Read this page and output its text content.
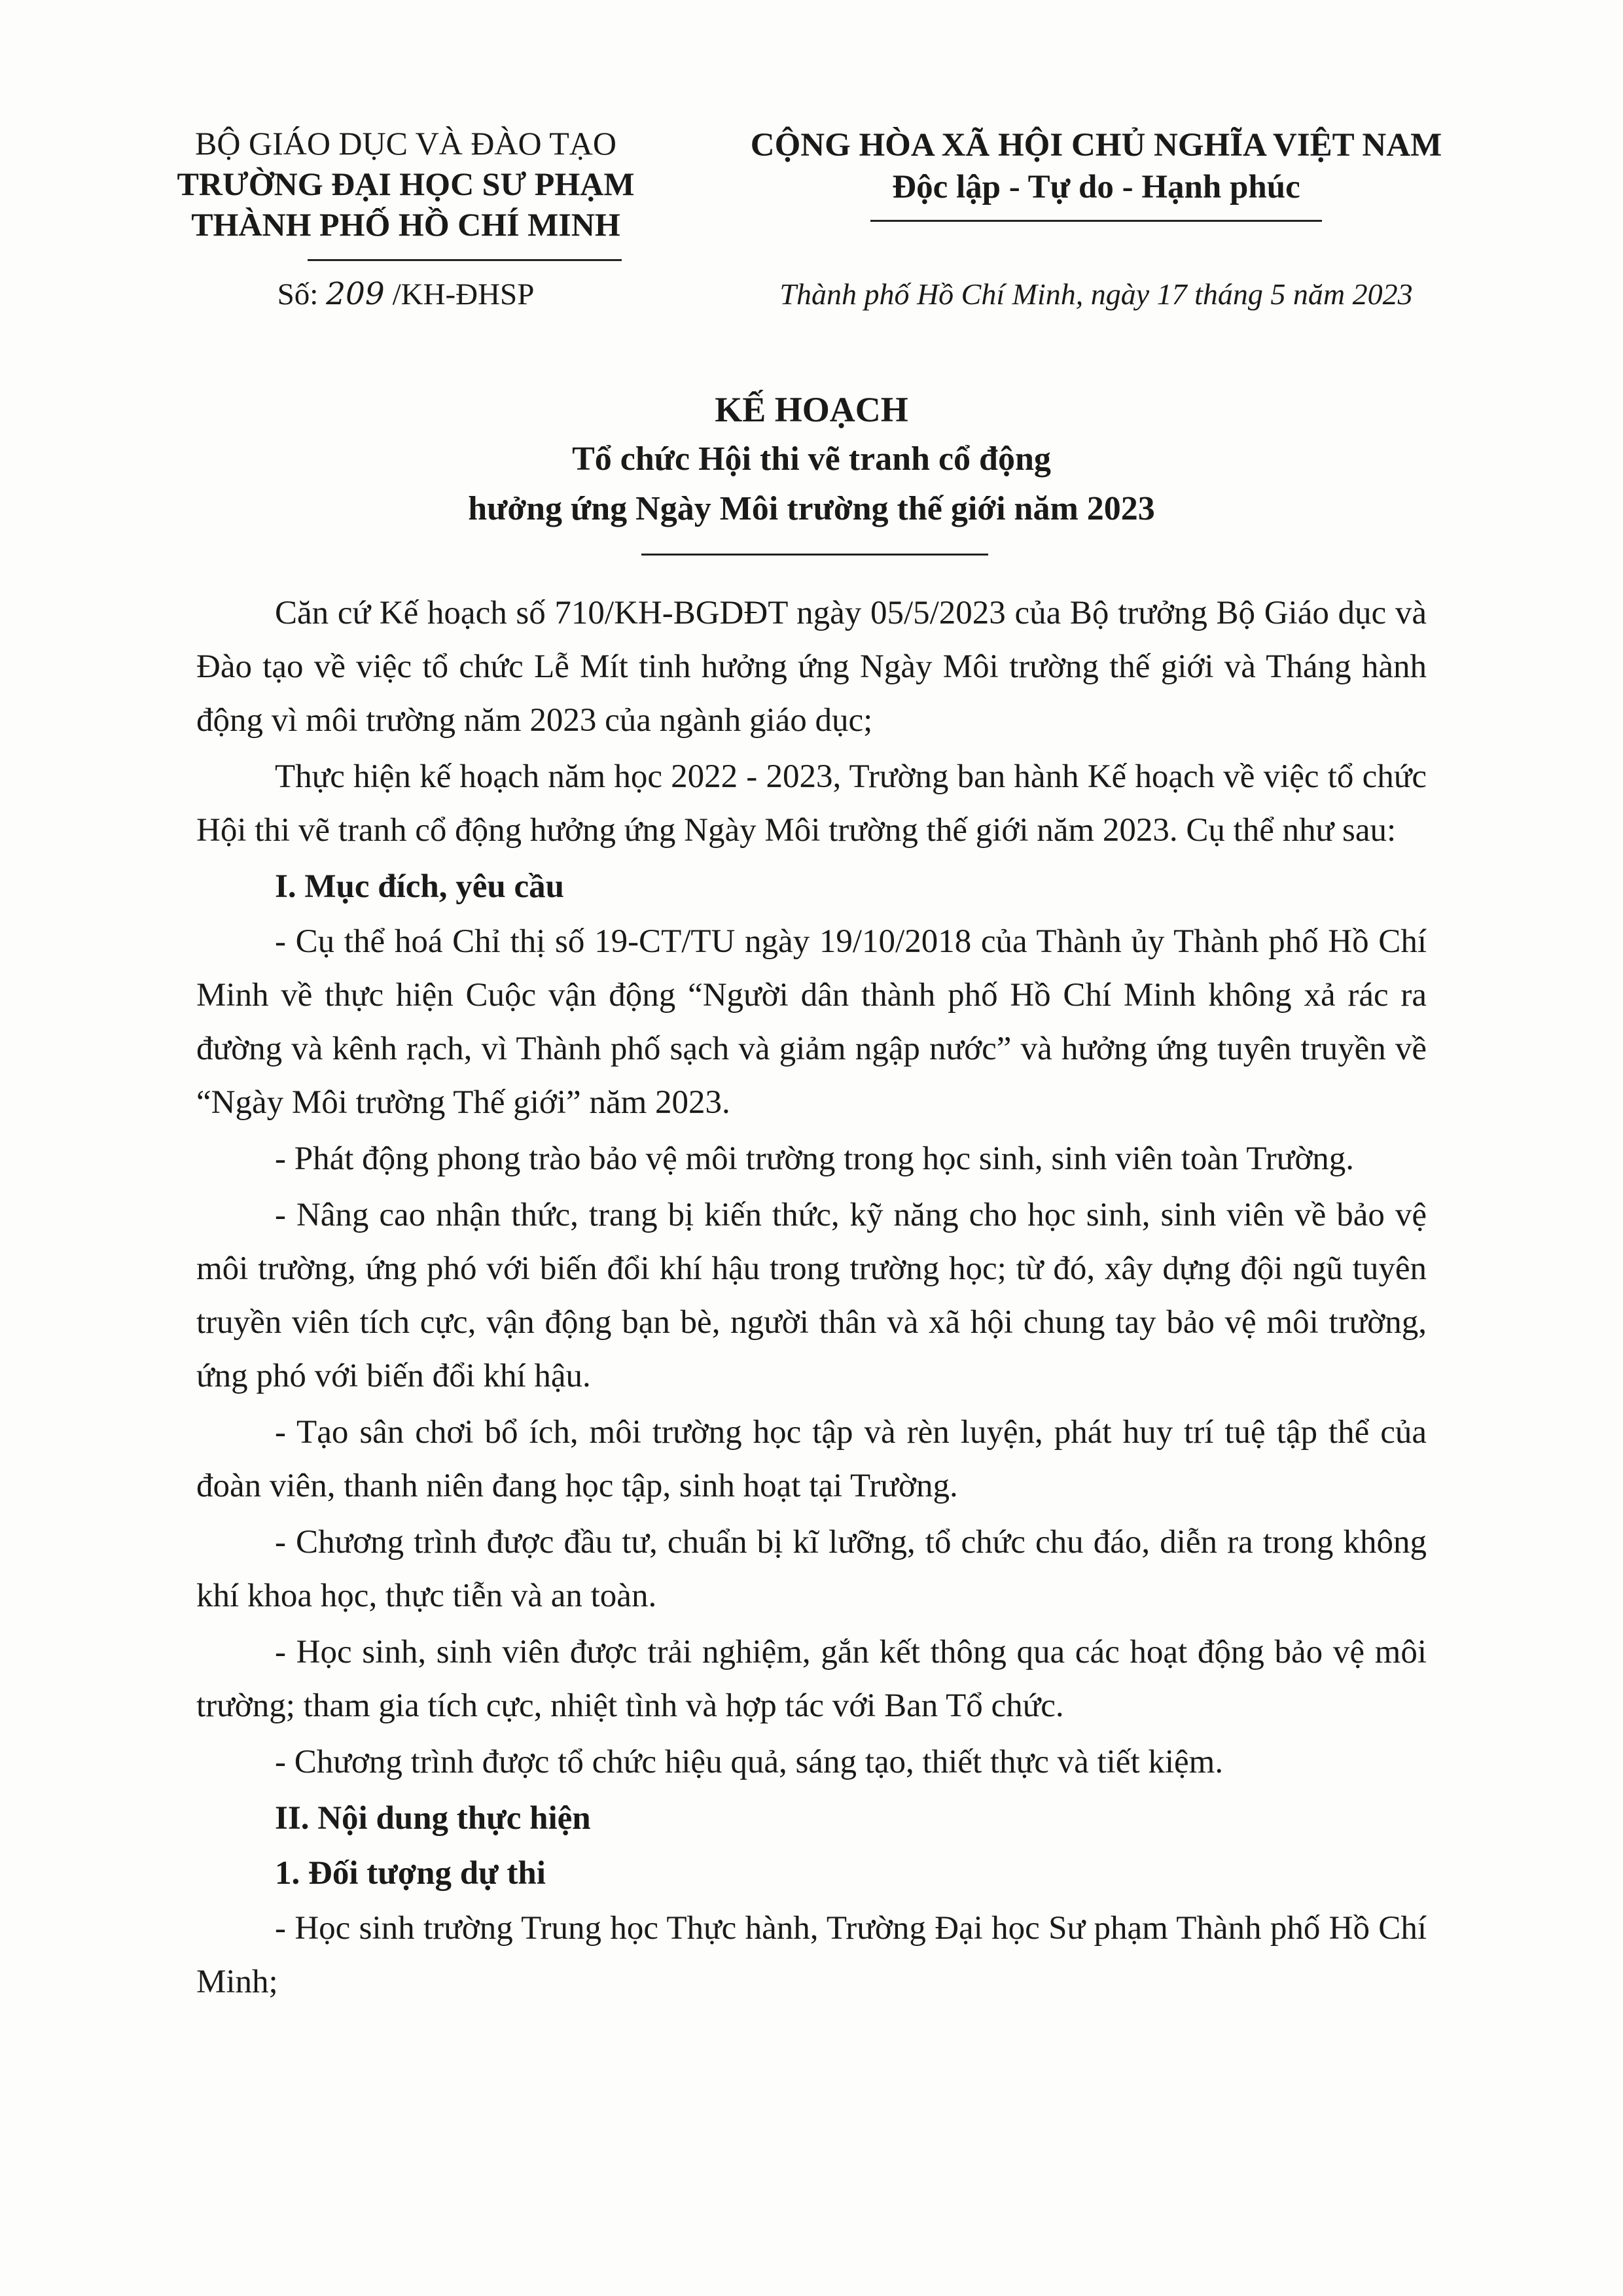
BỘ GIÁO DỤC VÀ ĐÀO TẠO
TRƯỜNG ĐẠI HỌC SƯ PHẠM
THÀNH PHỐ HỒ CHÍ MINH
Số: 209 /KH-ĐHSP
CỘNG HÒA XÃ HỘI CHỦ NGHĨA VIỆT NAM
Độc lập - Tự do - Hạnh phúc
Thành phố Hồ Chí Minh, ngày 17 tháng 5 năm 2023
KẾ HOẠCH
Tổ chức Hội thi vẽ tranh cổ động
hưởng ứng Ngày Môi trường thế giới năm 2023

Căn cứ Kế hoạch số 710/KH-BGDĐT ngày 05/5/2023 của Bộ trưởng Bộ Giáo dục và Đào tạo về việc tổ chức Lễ Mít tinh hưởng ứng Ngày Môi trường thế giới và Tháng hành động vì môi trường năm 2023 của ngành giáo dục;

Thực hiện kế hoạch năm học 2022 - 2023, Trường ban hành Kế hoạch về việc tổ chức Hội thi vẽ tranh cổ động hưởng ứng Ngày Môi trường thế giới năm 2023. Cụ thể như sau:

I. Mục đích, yêu cầu

- Cụ thể hoá Chỉ thị số 19-CT/TU ngày 19/10/2018 của Thành ủy Thành phố Hồ Chí Minh về thực hiện Cuộc vận động “Người dân thành phố Hồ Chí Minh không xả rác ra đường và kênh rạch, vì Thành phố sạch và giảm ngập nước” và hưởng ứng tuyên truyền về “Ngày Môi trường Thế giới” năm 2023.

- Phát động phong trào bảo vệ môi trường trong học sinh, sinh viên toàn Trường.

- Nâng cao nhận thức, trang bị kiến thức, kỹ năng cho học sinh, sinh viên về bảo vệ môi trường, ứng phó với biến đổi khí hậu trong trường học; từ đó, xây dựng đội ngũ tuyên truyền viên tích cực, vận động bạn bè, người thân và xã hội chung tay bảo vệ môi trường, ứng phó với biến đổi khí hậu.

- Tạo sân chơi bổ ích, môi trường học tập và rèn luyện, phát huy trí tuệ tập thể của đoàn viên, thanh niên đang học tập, sinh hoạt tại Trường.

- Chương trình được đầu tư, chuẩn bị kĩ lưỡng, tổ chức chu đáo, diễn ra trong không khí khoa học, thực tiễn và an toàn.

- Học sinh, sinh viên được trải nghiệm, gắn kết thông qua các hoạt động bảo vệ môi trường; tham gia tích cực, nhiệt tình và hợp tác với Ban Tổ chức.

- Chương trình được tổ chức hiệu quả, sáng tạo, thiết thực và tiết kiệm.

II. Nội dung thực hiện
1. Đối tượng dự thi

- Học sinh trường Trung học Thực hành, Trường Đại học Sư phạm Thành phố Hồ Chí Minh;
